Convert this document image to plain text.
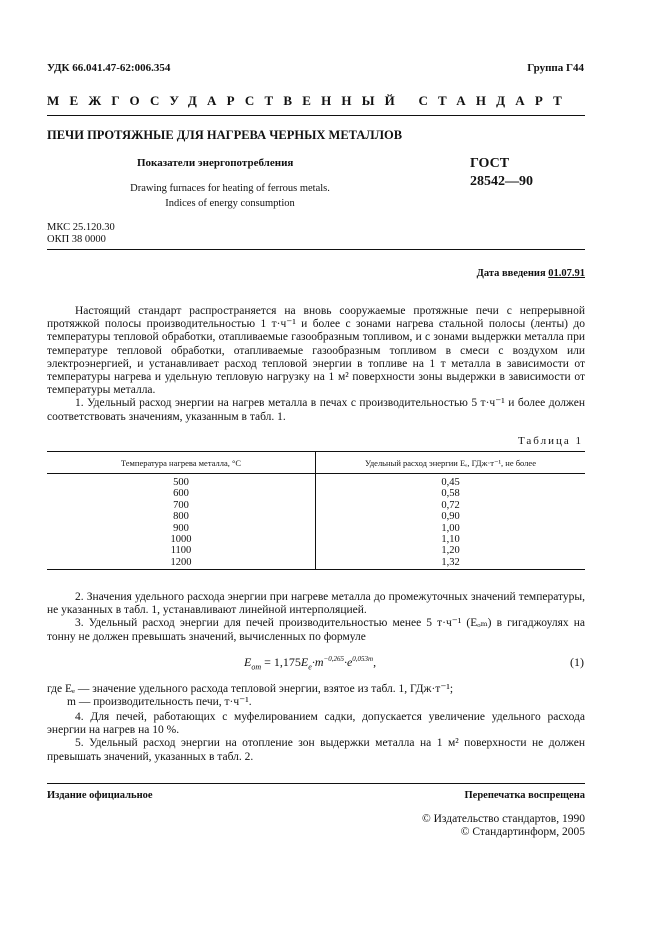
УДК 66.041.47-62:006.354	Группа Г44
МЕЖГОСУДАРСТВЕННЫЙ СТАНДАРТ
ПЕЧИ ПРОТЯЖНЫЕ ДЛЯ НАГРЕВА ЧЕРНЫХ МЕТАЛЛОВ
Показатели энергопотребления
Drawing furnaces for heating of ferrous metals.
Indices of energy consumption
ГОСТ
28542—90
МКС 25.120.30
ОКП 38 0000
Дата введения 01.07.91

Настоящий стандарт распространяется на вновь сооружаемые протяжные печи с непрерывной протяжкой полосы производительностью 1 т·ч⁻¹ и более с зонами нагрева стальной полосы (ленты) до температуры тепловой обработки, отапливаемые газообразным топливом, и с зонами выдержки металла при температуре тепловой обработки, отапливаемые газообразным топливом в смеси с воздухом или электроэнергией, и устанавливает расход тепловой энергии в топливе на 1 т металла в зависимости от температуры нагрева и удельную тепловую нагрузку на 1 м² поверхности зоны выдержки в зависимости от температуры металла.

1. Удельный расход энергии на нагрев металла в печах с производительностью 5 т·ч⁻¹ и более должен соответствовать значениям, указанным в табл. 1.

Таблица 1
Температура нагрева металла, °С	Удельный расход энергии Eₑ, ГДж·т⁻¹, не более
500	0,45
600	0,58
700	0,72
800	0,90
900	1,00
1000	1,10
1100	1,20
1200	1,32

2. Значения удельного расхода энергии при нагреве металла до промежуточных значений температуры, не указанных в табл. 1, устанавливают линейной интерполяцией.

3. Удельный расход энергии для печей производительностью менее 5 т·ч⁻¹ (Eₒₘ) в гигаджоулях на тонну не должен превышать значений, вычисленных по формуле

$E_{от} = 1,175E_e\cdot m^{-0,265}\cdot e^{0,053m}$,	(1)
где Eₑ — значение удельного расхода тепловой энергии, взятое из табл. 1, ГДж·т⁻¹;
m — производительность печи, т·ч⁻¹.

4. Для печей, работающих с муфелированием садки, допускается увеличение удельного расхода энергии на нагрев на 10 %.

5. Удельный расход энергии на отопление зон выдержки металла на 1 м² поверхности не должен превышать значений, указанных в табл. 2.

Издание официальное	Перепечатка воспрещена
© Издательство стандартов, 1990
© Стандартинформ, 2005
